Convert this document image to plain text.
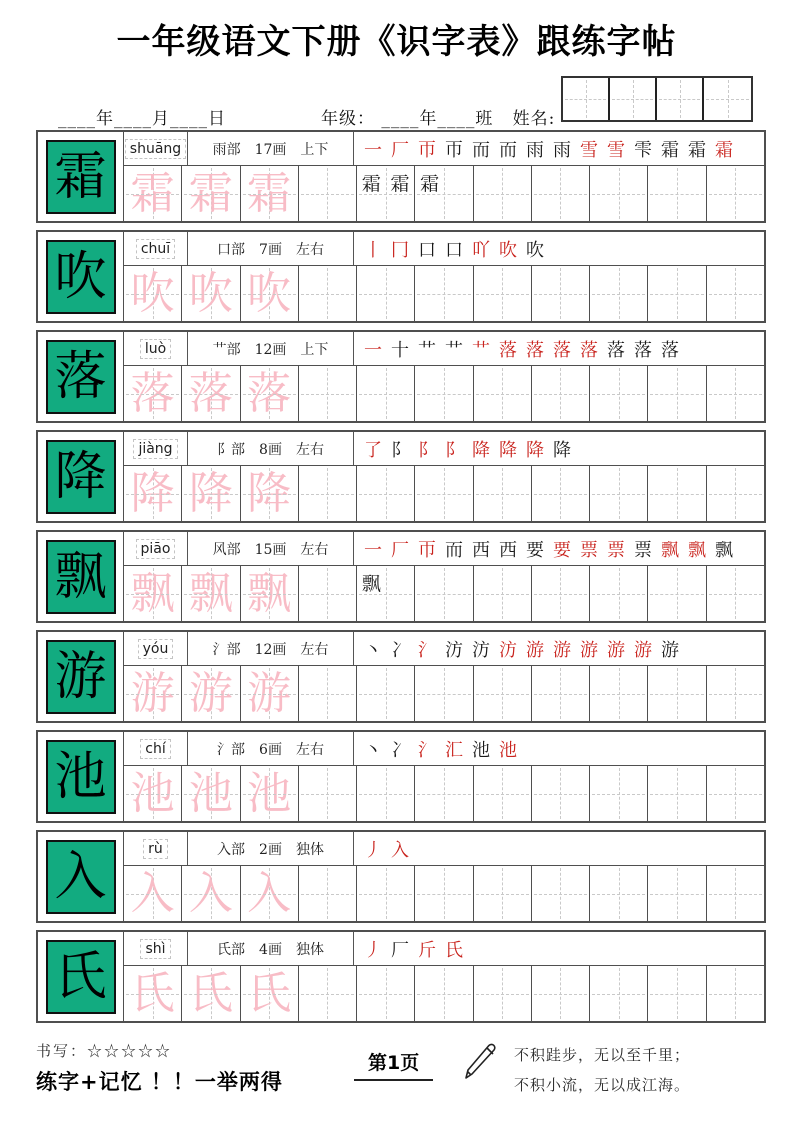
一年级语文下册《识字表》跟练字帖
____年____月____日	年级： ____年____班 姓名:
霜	shuāng	雨部 17画 上下 一 厂 帀 帀 而 而 雨 雨 雪 雪 雫 霜 霜 霜
霜 霜 霜	霜 霜 霜
吹	chuī	口部 7画 左右 丨 冂 口 口 吖 吹 吹
吹 吹 吹
落	luò	艹部 12画 上下 一 十 艹 艹 艹 落 落 落 落 落 落 落
落 落 落
降	jiàng	阝部 8画 左右 了 阝 阝 阝 降 降 降 降
降 降 降
飘	piāo	风部 15画 左右 一 厂 帀 而 西 西 要 要 票 票 票 飘 飘 飘
飘 飘 飘	飘
游	yóu	氵部 12画 左右 丶 冫 氵 汸 汸 汸 游 游 游 游 游 游
游 游 游
池	chí	氵部 6画 左右 丶 冫 氵 汇 池 池
池 池 池
入	rù	入部 2画 独体 丿 入
入 入 入
氏	shì	氏部 4画 独体 丿 厂 斤 氏
氏 氏 氏
书写：☆☆☆☆☆
练字+记忆 ！！一举两得
第1页	不积跬步，无以至千里；
不积小流，无以成江海。
